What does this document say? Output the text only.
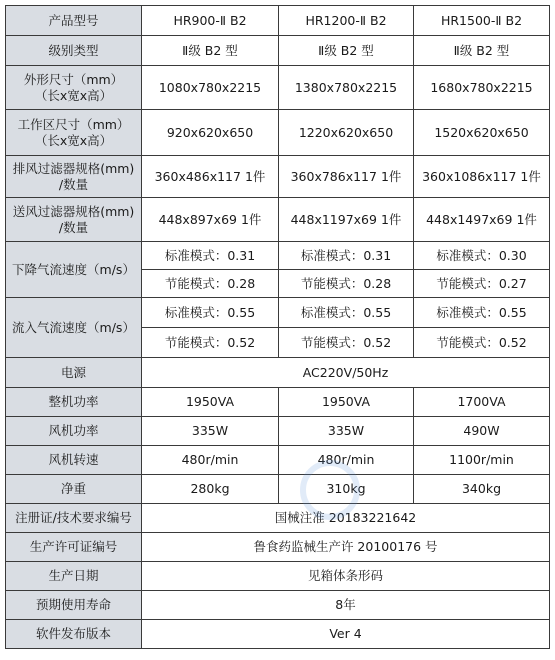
产品型号	HR900-Ⅱ B2	HR1200-Ⅱ B2	HR1500-Ⅱ B2
级别类型	Ⅱ级 B2 型	Ⅱ级 B2 型	Ⅱ级 B2 型

外形尺寸（mm）
（长x宽x高）	1080x780x2215	1380x780x2215	1680x780x2215

工作区尺寸（mm）
（长x宽x高）	920x620x650	1220x620x650	1520x620x650

排风过滤器规格(mm)
/数量	360x486x117 1件	360x786x117 1件	360x1086x117 1件

送风过滤器规格(mm)
/数量	448x897x69 1件	448x1197x69 1件	448x1497x69 1件
下降气流速度（m/s）	标准模式：0.31	标准模式：0.31	标准模式：0.30
	节能模式：0.28	节能模式：0.28	节能模式：0.27
流入气流速度（m/s）	标准模式：0.55	标准模式：0.55	标准模式：0.55
	节能模式：0.52	节能模式：0.52	节能模式：0.52
电源	AC220V/50Hz		
整机功率	1950VA	1950VA	1700VA
风机功率	335W	335W	490W
风机转速	480r/min	480r/min	1100r/min
净重	280kg	310kg	340kg
注册证/技术要求编号	国械注准 20183221642		
生产许可证编号	鲁食药监械生产许 20100176 号		
生产日期	见箱体条形码		
预期使用寿命	8年		
软件发布版本	Ver 4		
